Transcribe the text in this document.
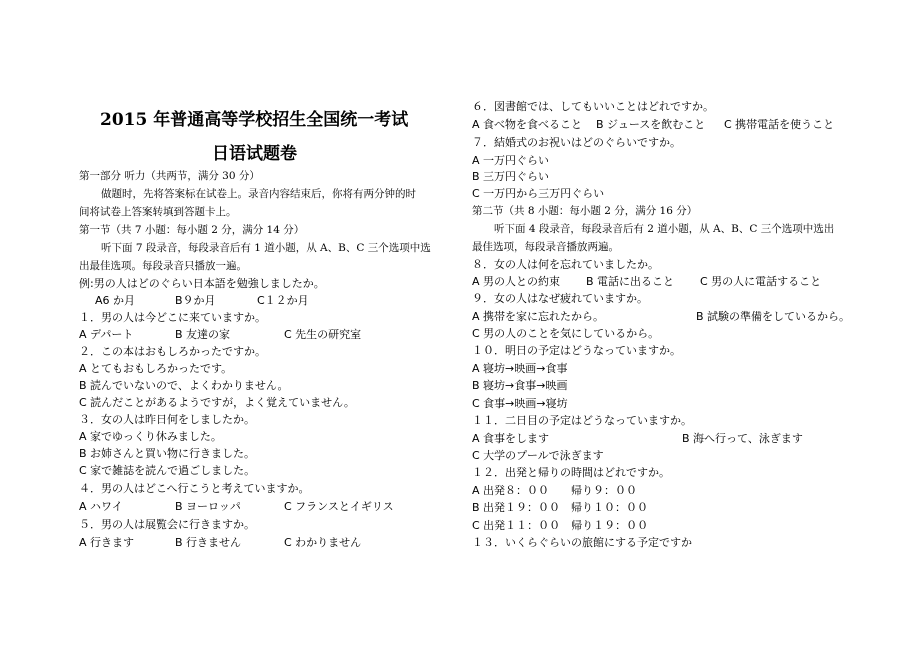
2015 年普通高等学校招生全国统一考试
日语试题卷
第一部分 听力（共两节，满分 30 分）
做题时，先将答案标在试卷上。录音内容结束后，你将有两分钟的时
间将试卷上答案转填到答题卡上。
第一节（共 7 小题：每小题 2 分，满分 14 分）
听下面 7 段录音，每段录音后有 1 道小题，从 A、B、C 三个选项中选
出最佳选项。每段录音只播放一遍。
例:男の人はどのぐらい日本語を勉強しましたか。
A6 か月	B９か月	C１２か月
１．男の人は今どこに来ていますか。
A デパート	B 友達の家	C 先生の研究室
２．この本はおもしろかったですか。
A とてもおもしろかったです。
B 読んでいないので、よくわかりません。
C 読んだことがあるようですが，よく覚えていません。
３．女の人は昨日何をしましたか。
A 家でゆっくり休みました。
B お姉さんと買い物に行きました。
C 家で雑誌を読んで過ごしました。
４．男の人はどこへ行こうと考えていますか。
A ハワイ	B ヨーロッパ	C フランスとイギリス
５．男の人は展覧会に行きますか。
A 行きます	B 行きません	C わかりません
６．図書館では、してもいいことはどれですか。
A 食べ物を食べること B ジュースを飲むこと C 携帯電話を使うこと
７．結婚式のお祝いはどのぐらいですか。
A 一万円ぐらい
B 三万円ぐらい
C 一万円から三万円ぐらい
第二节（共 8 小题：每小题 2 分，满分 16 分）
听下面 4 段录音，每段录音后有 2 道小题，从 A、B、C 三个选项中选出
最佳选项，每段录音播放两遍。
８．女の人は何を忘れていましたか。
A 男の人との約束 B 電話に出ること C 男の人に電話すること
９．女の人はなぜ疲れていますか。
A 携帯を家に忘れたから。	B 試験の準備をしているから。
C 男の人のことを気にしているから。
１０．明日の予定はどうなっていますか。
A 寝坊→映画→食事
B 寝坊→食事→映画
C 食事→映画→寝坊
１１．二日目の予定はどうなっていますか。
A 食事をします	B 海へ行って、泳ぎます
C 大学のプールで泳ぎます
１２．出発と帰りの時間はどれですか。
A 出発８：００　　帰り９：００
B 出発１９：００　帰り１０：００
C 出発１１：００　帰り１９：００
１３．いくらぐらいの旅館にする予定ですか
